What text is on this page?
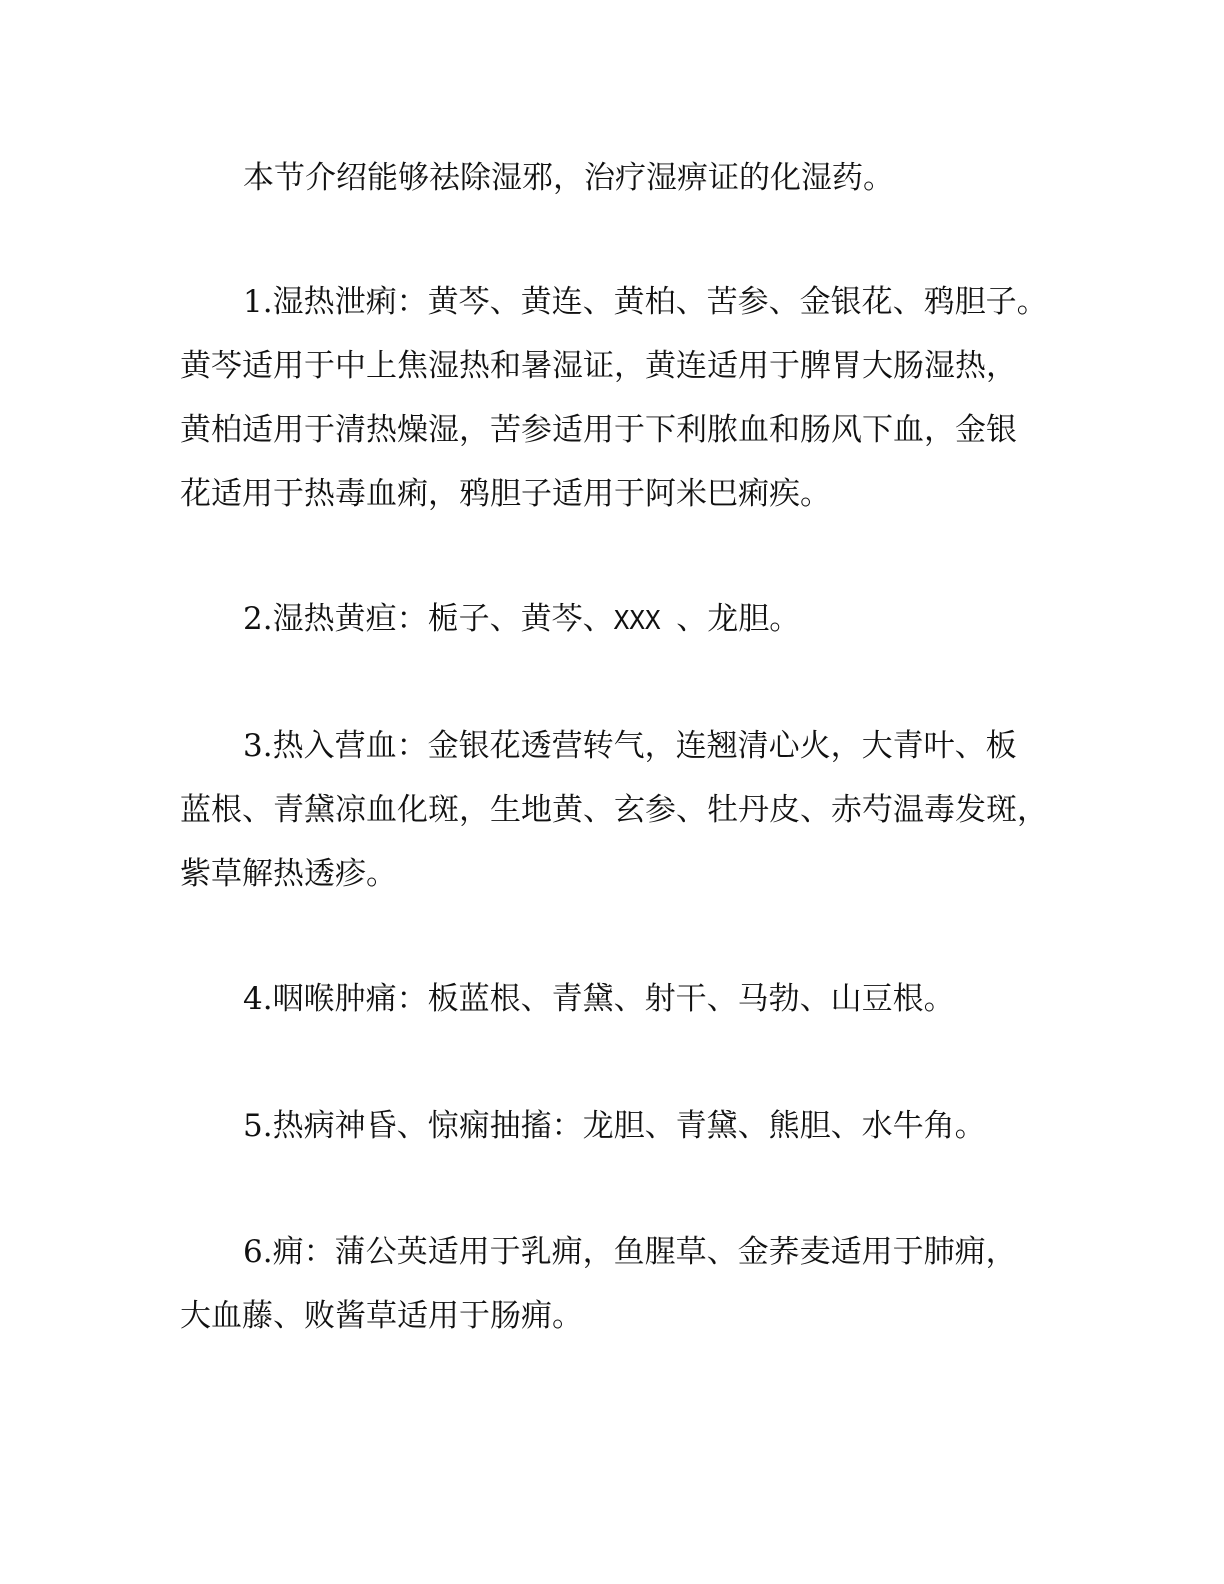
本节介绍能够祛除湿邪，治疗湿痹证的化湿药。
1.湿热泄痢：黄芩、黄连、黄柏、苦参、金银花、鸦胆子。
黄芩适用于中上焦湿热和暑湿证，黄连适用于脾胃大肠湿热，
黄柏适用于清热燥湿，苦参适用于下利脓血和肠风下血，金银
花适用于热毒血痢，鸦胆子适用于阿米巴痢疾。
2.湿热黄疸：栀子、黄芩、XXX 、龙胆。
3.热入营血：金银花透营转气，连翘清心火，大青叶、板
蓝根、青黛凉血化斑，生地黄、玄参、牡丹皮、赤芍温毒发斑，
紫草解热透疹。
4.咽喉肿痛：板蓝根、青黛、射干、马勃、山豆根。
5.热病神昏、惊痫抽搐：龙胆、青黛、熊胆、水牛角。
6.痈：蒲公英适用于乳痈，鱼腥草、金荞麦适用于肺痈，
大血藤、败酱草适用于肠痈。
